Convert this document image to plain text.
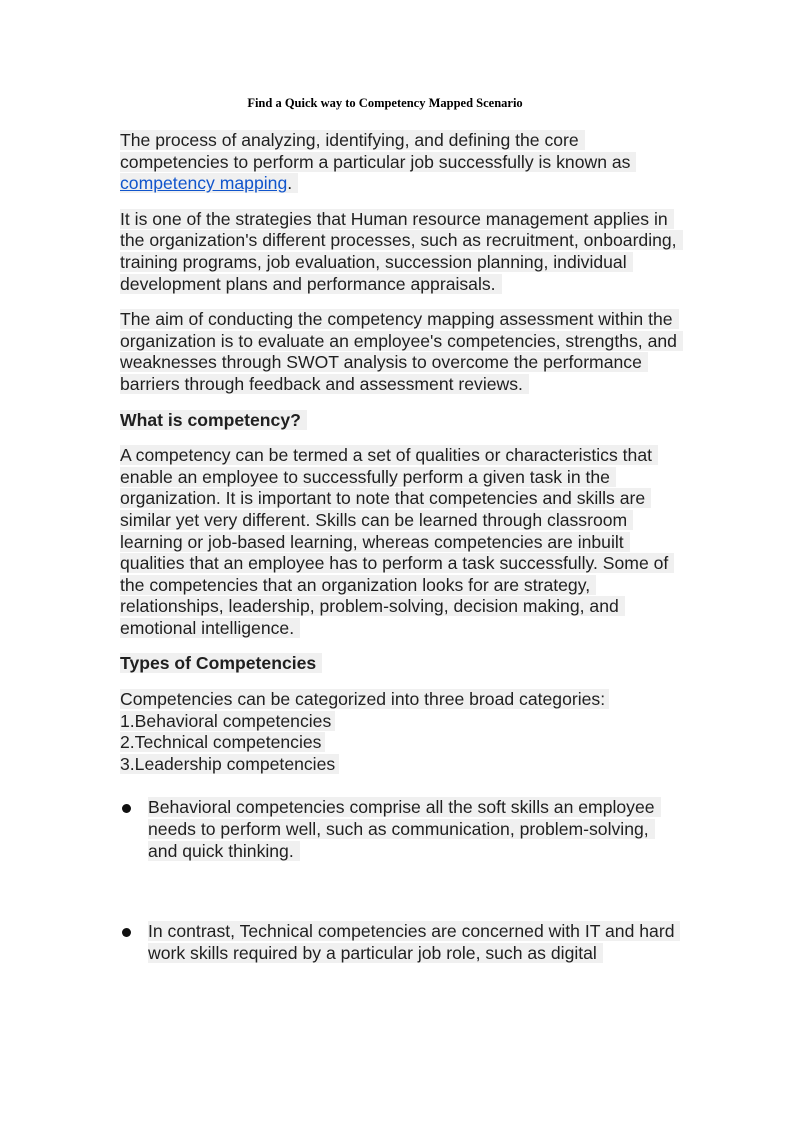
Find a Quick way to Competency Mapped Scenario

The process of analyzing, identifying, and defining the core competencies to perform a particular job successfully is known as competency mapping.

It is one of the strategies that Human resource management applies in the organization's different processes, such as recruitment, onboarding, training programs, job evaluation, succession planning, individual development plans and performance appraisals.

The aim of conducting the competency mapping assessment within the organization is to evaluate an employee's competencies, strengths, and weaknesses through SWOT analysis to overcome the performance barriers through feedback and assessment reviews.

What is competency?

A competency can be termed a set of qualities or characteristics that enable an employee to successfully perform a given task in the organization. It is important to note that competencies and skills are similar yet very different. Skills can be learned through classroom learning or job-based learning, whereas competencies are inbuilt qualities that an employee has to perform a task successfully. Some of the competencies that an organization looks for are strategy, relationships, leadership, problem-solving, decision making, and emotional intelligence.

Types of Competencies
Competencies can be categorized into three broad categories:
1.Behavioral competencies
2.Technical competencies
3.Leadership competencies
Behavioral competencies comprise all the soft skills an employee needs to perform well, such as communication, problem-solving, and quick thinking.
In contrast, Technical competencies are concerned with IT and hard work skills required by a particular job role, such as digital
